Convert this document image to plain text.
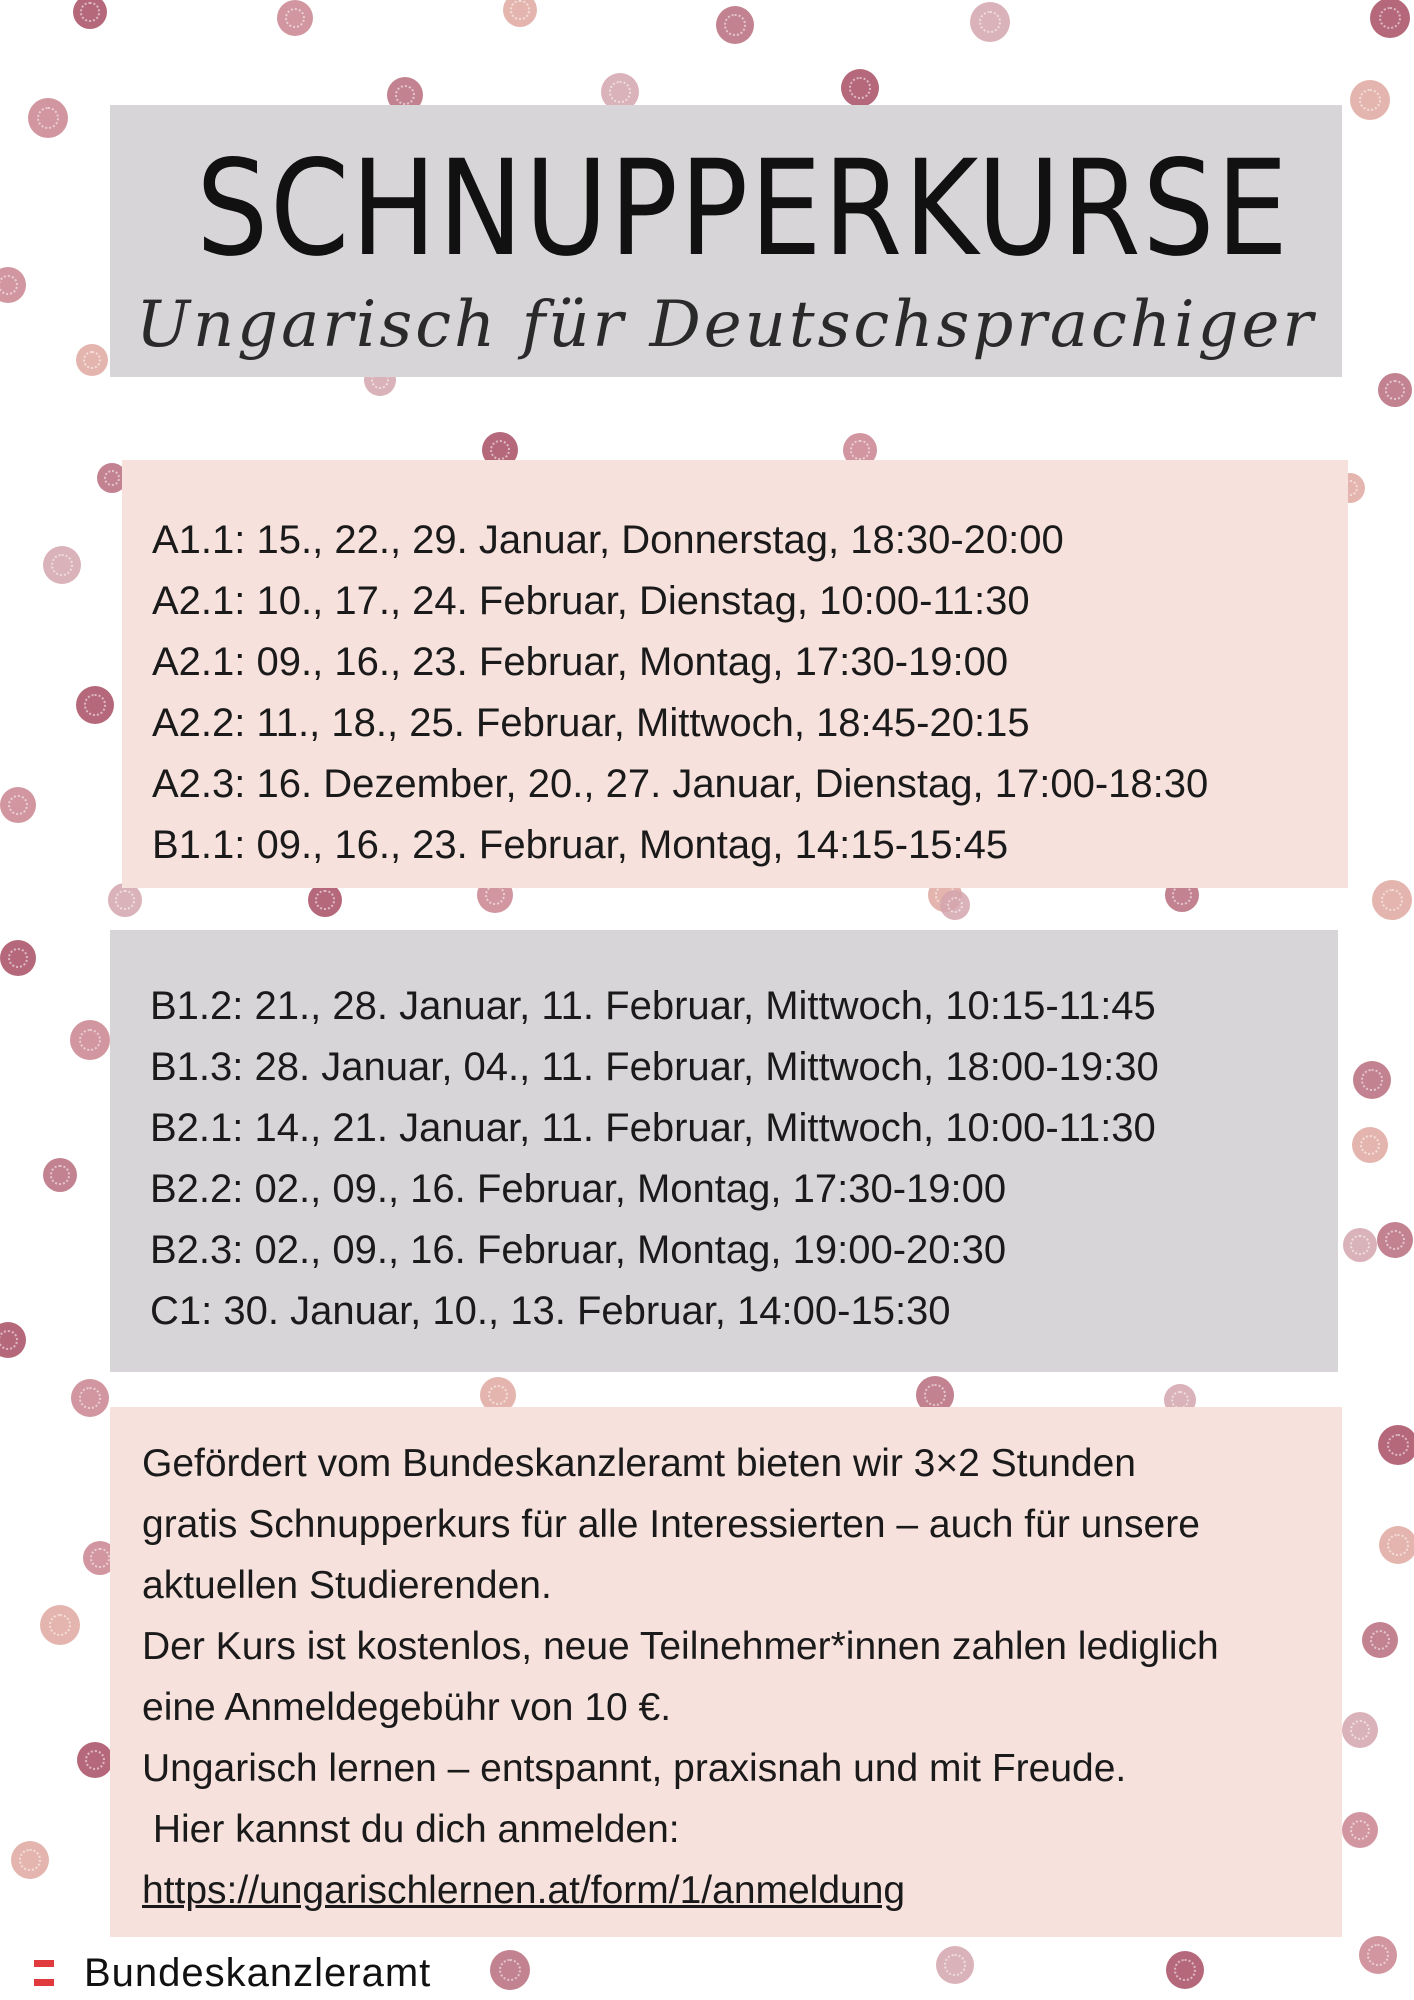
SCHNUPPERKURSE
Ungarisch für Deutschsprachiger
A1.1: 15., 22., 29. Januar, Donnerstag, 18:30-20:00
A2.1: 10., 17., 24. Februar, Dienstag, 10:00-11:30
A2.1: 09., 16., 23. Februar, Montag, 17:30-19:00
A2.2: 11., 18., 25. Februar, Mittwoch, 18:45-20:15
A2.3: 16. Dezember, 20., 27. Januar, Dienstag, 17:00-18:30
B1.1: 09., 16., 23. Februar, Montag, 14:15-15:45
B1.2: 21., 28. Januar, 11. Februar, Mittwoch, 10:15-11:45
B1.3: 28. Januar, 04., 11. Februar, Mittwoch, 18:00-19:30
B2.1: 14., 21. Januar, 11. Februar, Mittwoch, 10:00-11:30
B2.2: 02., 09., 16. Februar, Montag, 17:30-19:00
B2.3: 02., 09., 16. Februar, Montag, 19:00-20:30
C1: 30. Januar, 10., 13. Februar, 14:00-15:30
Gefördert vom Bundeskanzleramt bieten wir 3×2 Stunden
gratis Schnupperkurs für alle Interessierten – auch für unsere
aktuellen Studierenden.
Der Kurs ist kostenlos, neue Teilnehmer*innen zahlen lediglich
eine Anmeldegebühr von 10 €.
Ungarisch lernen – entspannt, praxisnah und mit Freude.
Hier kannst du dich anmelden:
https://ungarischlernen.at/form/1/anmeldung
Bundeskanzleramt
